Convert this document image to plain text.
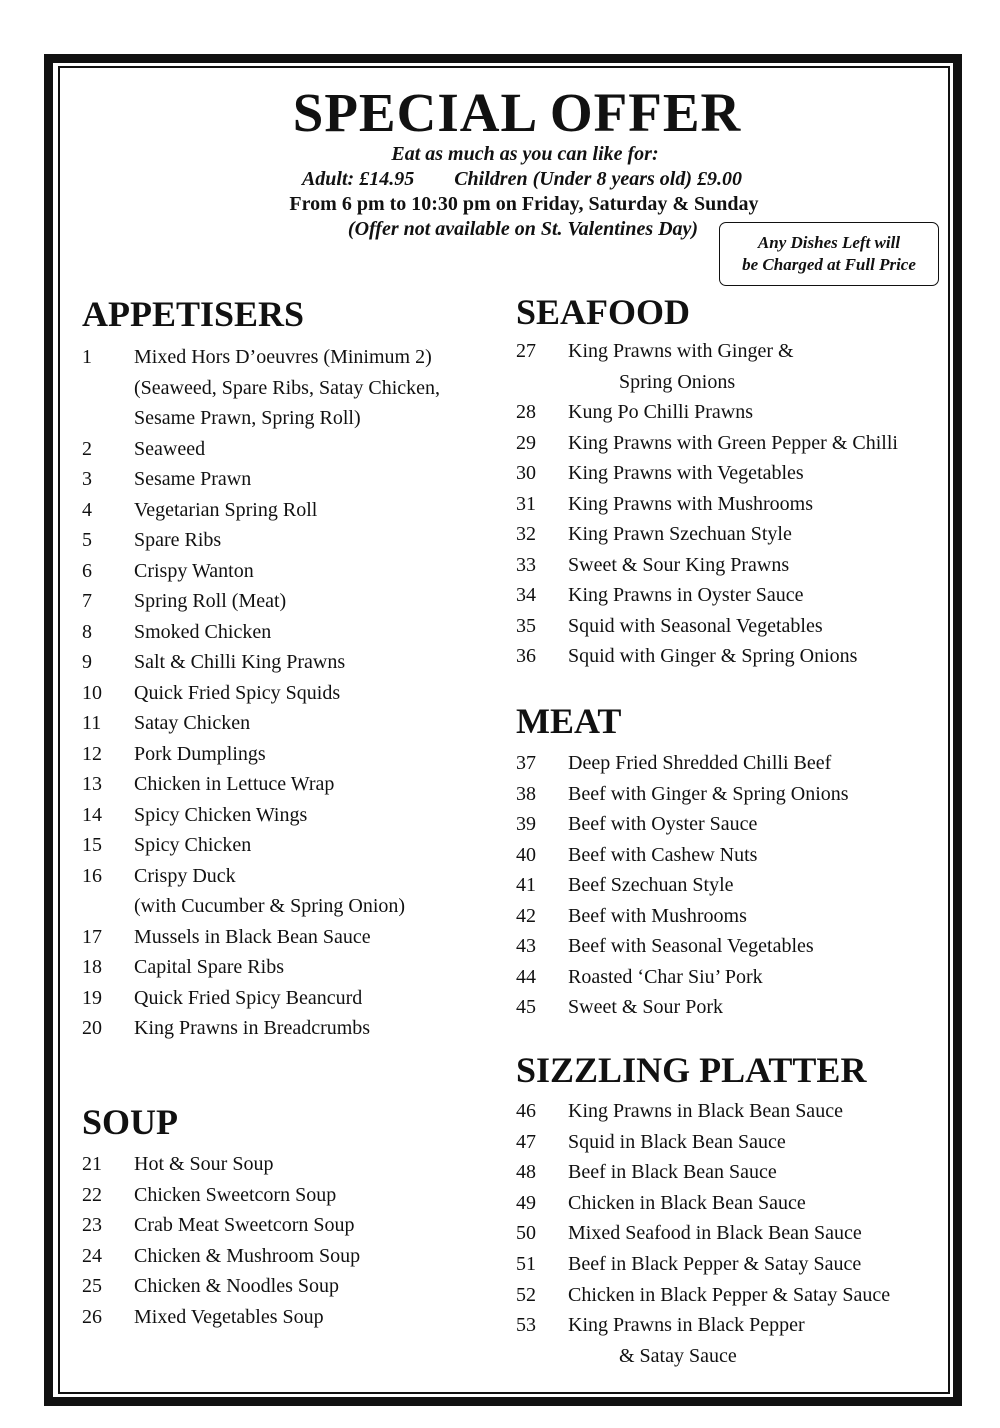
SPECIAL OFFER
Eat as much as you can like for:
Adult: £14.95 Children (Under 8 years old) £9.00
From 6 pm to 10:30 pm on Friday, Saturday & Sunday
(Offer not available on St. Valentines Day)
Any Dishes Left will
be Charged at Full Price
APPETISERS
1	Mixed Hors D’oeuvres (Minimum 2)
(Seaweed, Spare Ribs, Satay Chicken,
Sesame Prawn, Spring Roll)
2	Seaweed
3	Sesame Prawn
4	Vegetarian Spring Roll
5	Spare Ribs
6	Crispy Wanton
7	Spring Roll (Meat)
8	Smoked Chicken
9	Salt & Chilli King Prawns
10	Quick Fried Spicy Squids
11	Satay Chicken
12	Pork Dumplings
13	Chicken in Lettuce Wrap
14	Spicy Chicken Wings
15	Spicy Chicken
16	Crispy Duck
(with Cucumber & Spring Onion)
17	Mussels in Black Bean Sauce
18	Capital Spare Ribs
19	Quick Fried Spicy Beancurd
20	King Prawns in Breadcrumbs
SOUP
21	Hot & Sour Soup
22	Chicken Sweetcorn Soup
23	Crab Meat Sweetcorn Soup
24	Chicken & Mushroom Soup
25	Chicken & Noodles Soup
26	Mixed Vegetables Soup
SEAFOOD
27	King Prawns with Ginger &
Spring Onions
28	Kung Po Chilli Prawns
29	King Prawns with Green Pepper & Chilli
30	King Prawns with Vegetables
31	King Prawns with Mushrooms
32	King Prawn Szechuan Style
33	Sweet & Sour King Prawns
34	King Prawns in Oyster Sauce
35	Squid with Seasonal Vegetables
36	Squid with Ginger & Spring Onions
MEAT
37	Deep Fried Shredded Chilli Beef
38	Beef with Ginger & Spring Onions
39	Beef with Oyster Sauce
40	Beef with Cashew Nuts
41	Beef Szechuan Style
42	Beef with Mushrooms
43	Beef with Seasonal Vegetables
44	Roasted ‘Char Siu’ Pork
45	Sweet & Sour Pork
SIZZLING PLATTER
46	King Prawns in Black Bean Sauce
47	Squid in Black Bean Sauce
48	Beef in Black Bean Sauce
49	Chicken in Black Bean Sauce
50	Mixed Seafood in Black Bean Sauce
51	Beef in Black Pepper & Satay Sauce
52	Chicken in Black Pepper & Satay Sauce
53	King Prawns in Black Pepper
& Satay Sauce
